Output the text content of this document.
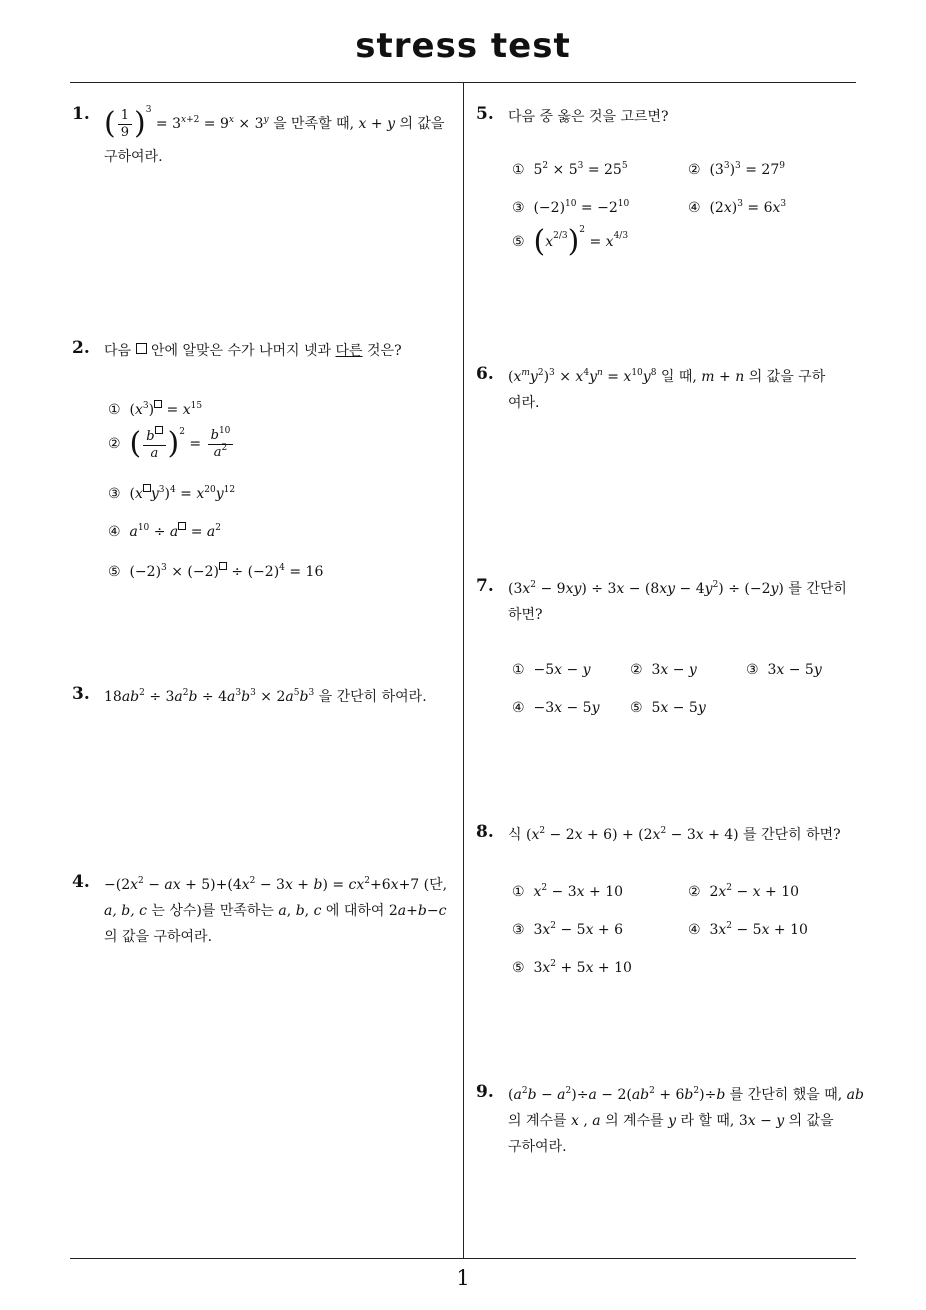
stress test
1
1. ( $\frac{1}{9} )^3 = 3^{x+2} = 9^x \times 3^y$ 을 만족할 때, x + y 의 값을
구하여라.
2. 다음 안에 알맞은 수가 나머지 넷과 다른 것은?
①  $(x^3) = x^{15}$
② ( $\frac{b}{a} )^2 = \frac{b^{10}}{a^2}$
③  (x $y^3)^4 = x^{20}y^{12}$
④ $a^{10} \div a = a^2$
⑤  $(-2)^3 \times (-2) \div (-2)^4 = 16$
3. $18ab^2 \div 3a^2b \div 4a^3b^3 \times 2a^5b^3$ 을 간단히 하여라.
4. $-(2x^2$ − ax + $5)+(4x^2 - 3x + b) = cx^2+6x+7$ (단,
a, b, c 는 상수)를 만족하는 a, b, c 에 대하여 2a+b−c
의 값을 구하여라.
5. 다음 중 옳은 것을 고르면?
①  $5^2 \times 5^3 = 25^5$	②  $(3^3)^3 = 27^9$
③  $(-2)^{10} = -2^{10}$	④  $(2x)^3 = 6x^3$
⑤ $(x^{2/3})^2 = x^{4/3}$
6. $(x^my^2)^3 \times x^4y^n = x^{10}y^8$ 일 때, m + n 의 값을 구하
여라.
7. $(3x^2 - 9xy) \div 3x - (8xy - 4y^2) \div (-2y)$ 를 간단히
하면?
①  −5x − y	②  3x − y	③  3x − 5y
④  −3x − 5y ⑤  5x − 5y
8. 식 $(x^2 - 2x + 6) + (2x^2 - 3x + 4)$ 를 간단히 하면?
① $x^2 - 3x + 10$	②  $2x^2 - x + 10$
③  $3x^2 - 5x + 6$	④  $3x^2 - 5x + 10$
⑤  $3x^2 + 5x + 10$
9. $(a^2b - a^2)\div a - 2(ab^2 + 6b^2)\div b$ 를 간단히 했을 때, ab
의 계수를 x , a 의 계수를 y 라 할 때, 3x − y 의 값을
구하여라.
